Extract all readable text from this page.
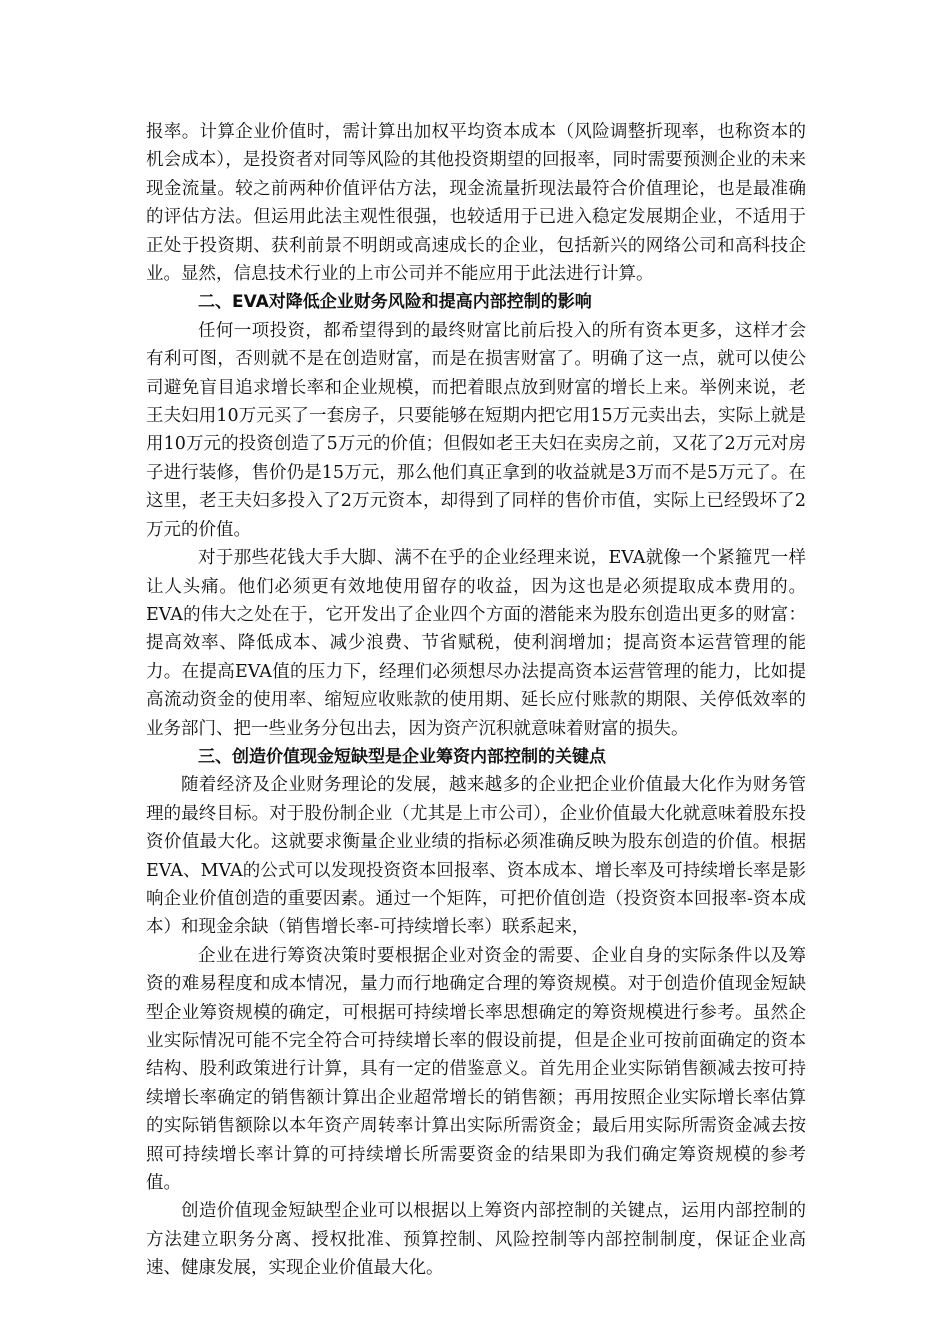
报率。计算企业价值时，需计算出加权平均资本成本（风险调整折现率，也称资本的机会成本），是投资者对同等风险的其他投资期望的回报率，同时需要预测企业的未来现金流量。较之前两种价值评估方法，现金流量折现法最符合价值理论，也是最准确的评估方法。但运用此法主观性很强，也较适用于已进入稳定发展期企业，不适用于正处于投资期、获利前景不明朗或高速成长的企业，包括新兴的网络公司和高科技企业。显然，信息技术行业的上市公司并不能应用于此法进行计算。

二、EVA对降低企业财务风险和提高内部控制的影响

任何一项投资，都希望得到的最终财富比前后投入的所有资本更多，这样才会有利可图，否则就不是在创造财富，而是在损害财富了。明确了这一点，就可以使公司避免盲目追求增长率和企业规模，而把着眼点放到财富的增长上来。举例来说，老王夫妇用10万元买了一套房子，只要能够在短期内把它用15万元卖出去，实际上就是用10万元的投资创造了5万元的价值；但假如老王夫妇在卖房之前，又花了2万元对房子进行装修，售价仍是15万元，那么他们真正拿到的收益就是3万而不是5万元了。在这里，老王夫妇多投入了2万元资本，却得到了同样的售价市值，实际上已经毁坏了2万元的价值。

对于那些花钱大手大脚、满不在乎的企业经理来说，EVA就像一个紧箍咒一样让人头痛。他们必须更有效地使用留存的收益，因为这也是必须提取成本费用的。EVA的伟大之处在于，它开发出了企业四个方面的潜能来为股东创造出更多的财富：提高效率、降低成本、减少浪费、节省赋税，使利润增加；提高资本运营管理的能力。在提高EVA值的压力下，经理们必须想尽办法提高资本运营管理的能力，比如提高流动资金的使用率、缩短应收账款的使用期、延长应付账款的期限、关停低效率的业务部门、把一些业务分包出去，因为资产沉积就意味着财富的损失。

三、创造价值现金短缺型是企业筹资内部控制的关键点

随着经济及企业财务理论的发展，越来越多的企业把企业价值最大化作为财务管理的最终目标。对于股份制企业（尤其是上市公司），企业价值最大化就意味着股东投资价值最大化。这就要求衡量企业业绩的指标必须准确反映为股东创造的价值。根据EVA、MVA的公式可以发现投资资本回报率、资本成本、增长率及可持续增长率是影响企业价值创造的重要因素。通过一个矩阵，可把价值创造（投资资本回报率-资本成本）和现金余缺（销售增长率-可持续增长率）联系起来，

企业在进行筹资决策时要根据企业对资金的需要、企业自身的实际条件以及筹资的难易程度和成本情况，量力而行地确定合理的筹资规模。对于创造价值现金短缺型企业筹资规模的确定，可根据可持续增长率思想确定的筹资规模进行参考。虽然企业实际情况可能不完全符合可持续增长率的假设前提，但是企业可按前面确定的资本结构、股利政策进行计算，具有一定的借鉴意义。首先用企业实际销售额减去按可持续增长率确定的销售额计算出企业超常增长的销售额；再用按照企业实际增长率估算的实际销售额除以本年资产周转率计算出实际所需资金；最后用实际所需资金减去按照可持续增长率计算的可持续增长所需要资金的结果即为我们确定筹资规模的参考值。

创造价值现金短缺型企业可以根据以上筹资内部控制的关键点，运用内部控制的方法建立职务分离、授权批准、预算控制、风险控制等内部控制制度，保证企业高速、健康发展，实现企业价值最大化。
